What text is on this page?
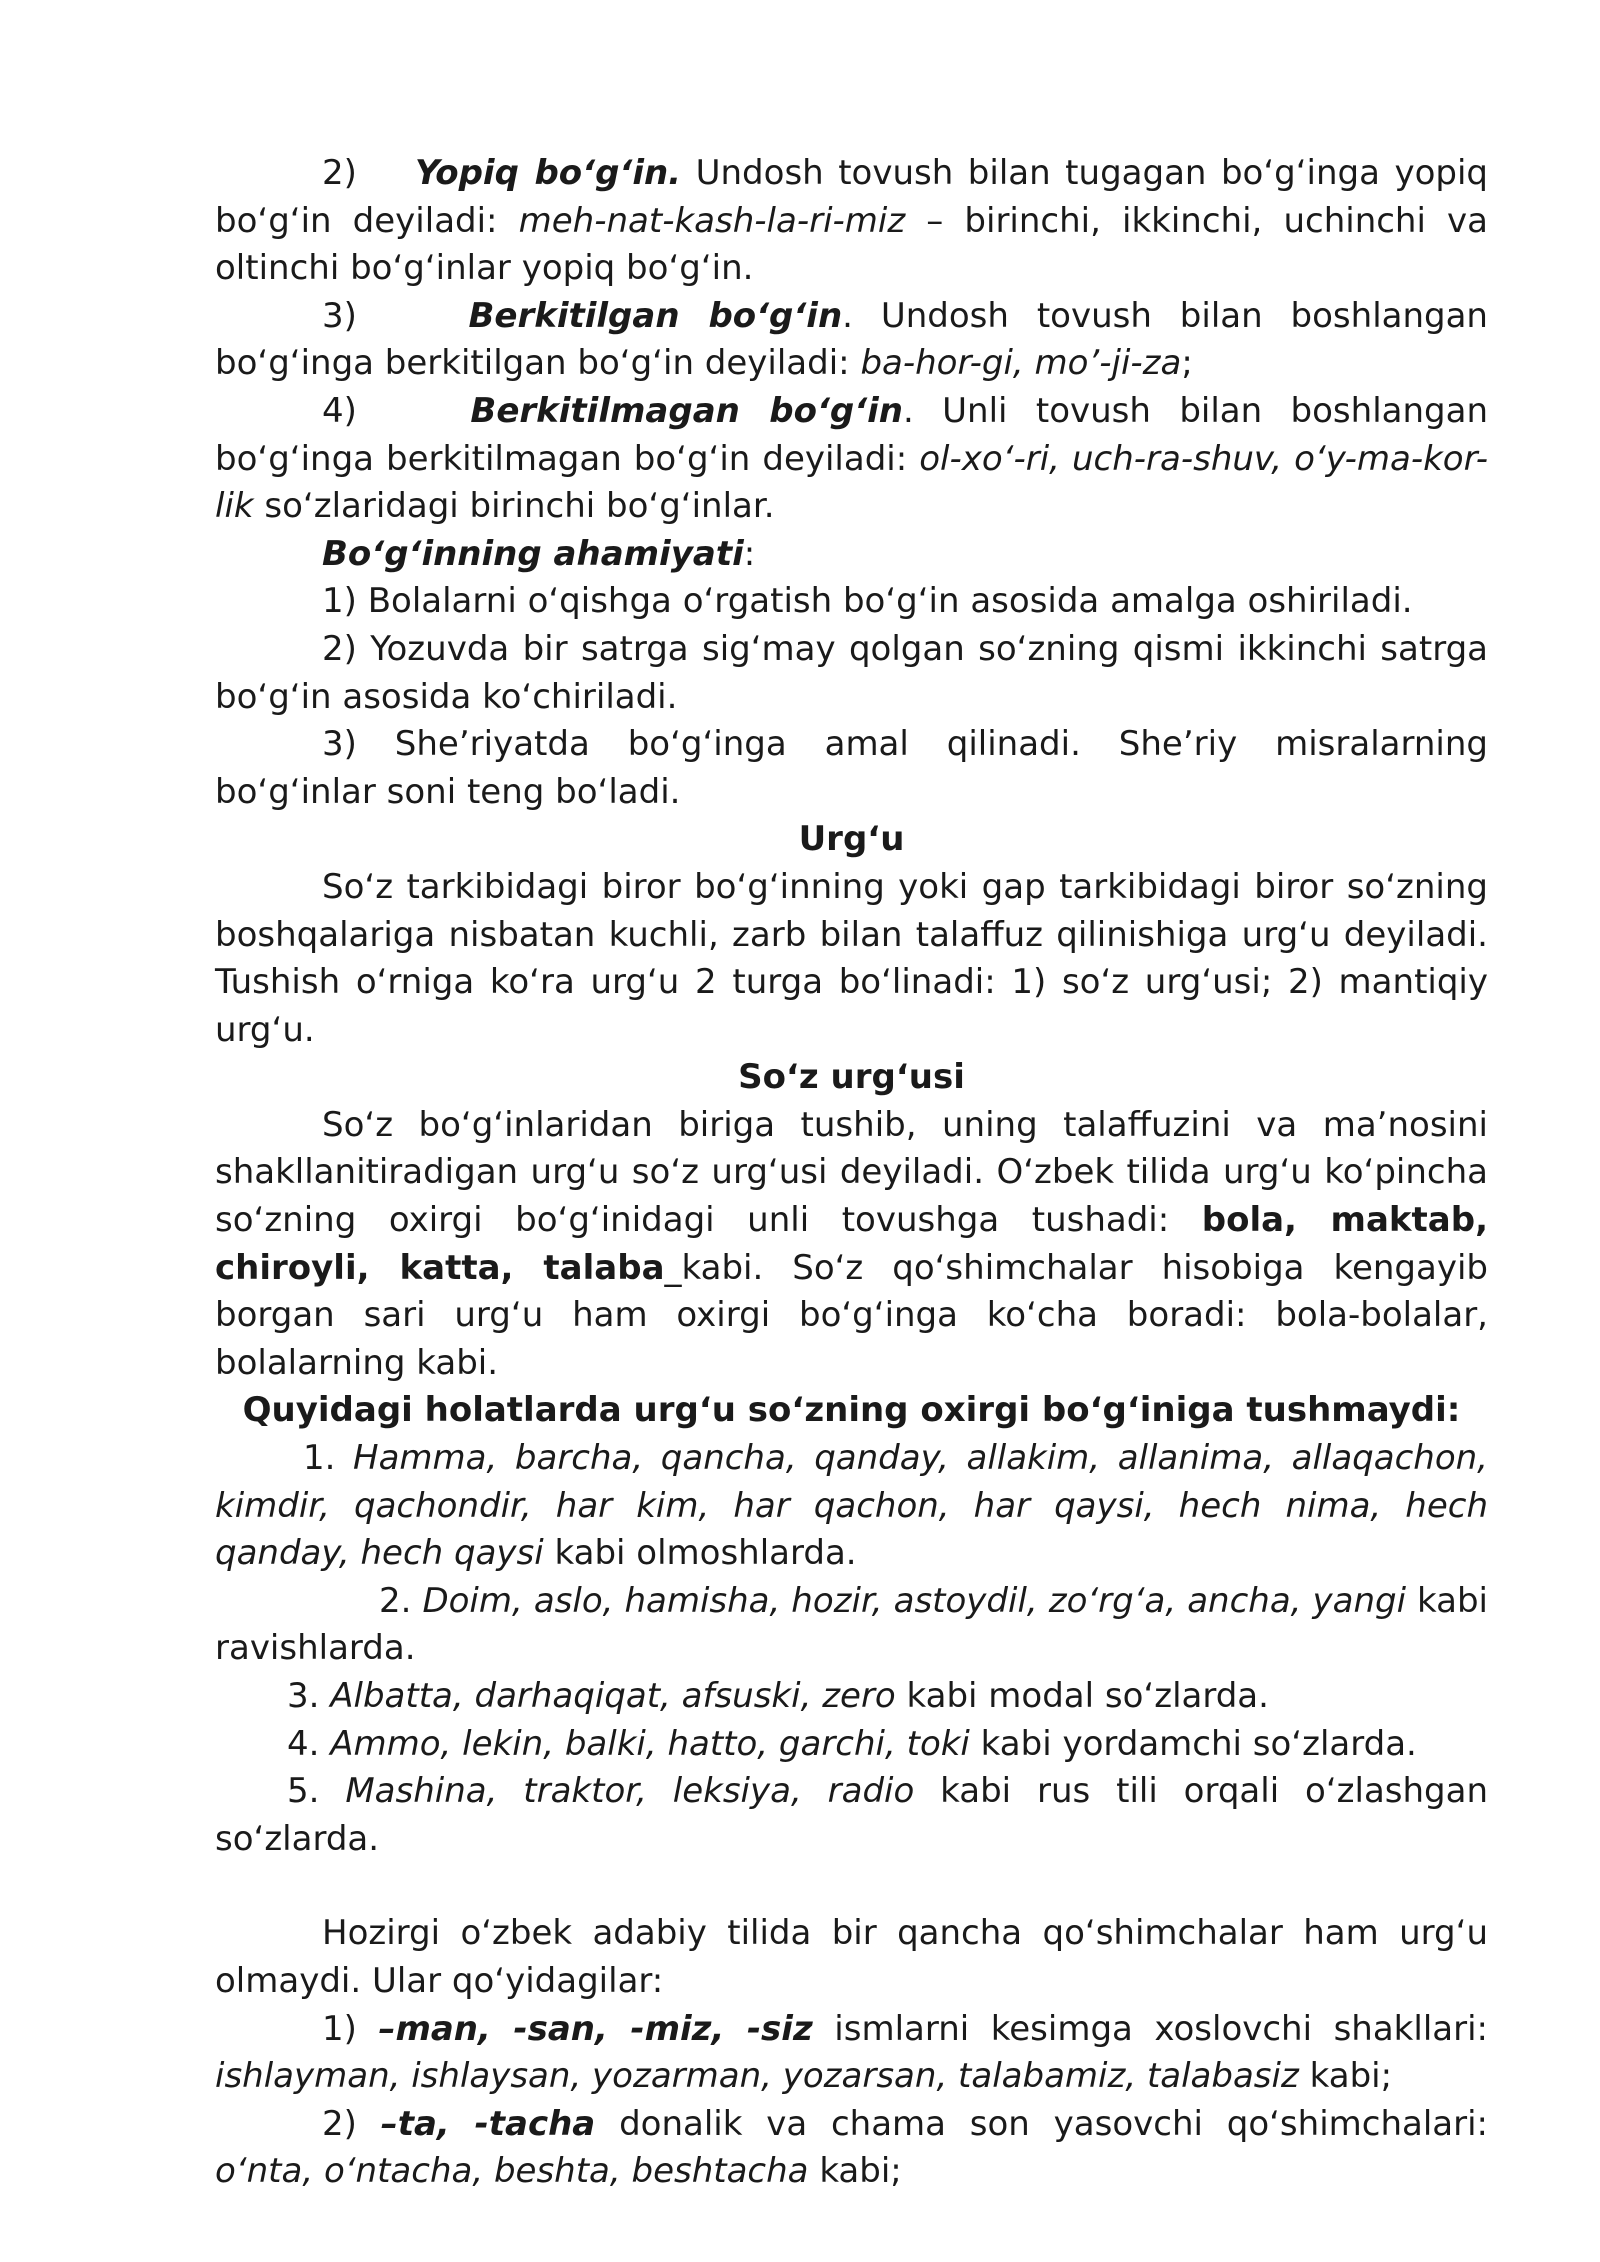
2) Yopiq bo‘g‘in. Undosh tovush bilan tugagan bo‘g‘inga yopiq bo‘g‘in deyiladi: meh-nat-kash-la-ri-miz – birinchi, ikkinchi, uchinchi va oltinchi bo‘g‘inlar yopiq bo‘g‘in.

3)	Berkitilgan bo‘g‘in. Undosh tovush bilan boshlangan bo‘g‘inga berkitilgan bo‘g‘in deyiladi: ba-hor-gi, mo’-ji-za;

4)	Berkitilmagan bo‘g‘in. Unli tovush bilan boshlangan bo‘g‘inga berkitilmagan bo‘g‘in deyiladi: ol-xo‘-ri, uch-ra-shuv, o‘y-ma-kor-lik so‘zlaridagi birinchi bo‘g‘inlar.

Bo‘g‘inning ahamiyati:

1) Bolalarni o‘qishga o‘rgatish bo‘g‘in asosida amalga oshiriladi.

2) Yozuvda bir satrga sig‘may qolgan so‘zning qismi ikkinchi satrga bo‘g‘in asosida ko‘chiriladi.

3) She’riyatda bo‘g‘inga amal qilinadi. She’riy misralarning bo‘g‘inlar soni teng bo‘ladi.

Urg‘u

So‘z tarkibidagi biror bo‘g‘inning yoki gap tarkibidagi biror so‘zning boshqalariga nisbatan kuchli, zarb bilan talaffuz qilinishiga urg‘u deyiladi. Tushish o‘rniga ko‘ra urg‘u 2 turga bo‘linadi: 1) so‘z urg‘usi; 2) mantiqiy urg‘u.

So‘z urg‘usi

So‘z bo‘g‘inlaridan biriga tushib, uning talaffuzini va ma’nosini shakllanitiradigan urg‘u so‘z urg‘usi deyiladi. O‘zbek tilida urg‘u ko‘pincha so‘zning oxirgi bo‘g‘inidagi unli tovushga tushadi: bola, maktab, chiroyli, katta, talaba_kabi. So‘z qo‘shimchalar hisobiga kengayib borgan sari urg‘u ham oxirgi bo‘g‘inga ko‘cha boradi: bola-bolalar, bolalarning kabi.

Quyidagi holatlarda urg‘u so‘zning oxirgi bo‘g‘iniga tushmaydi:

1. Hamma, barcha, qancha, qanday, allakim, allanima, allaqachon, kimdir, qachondir, har kim, har qachon, har qaysi, hech nima, hech qanday, hech qaysi kabi olmoshlarda.

2. Doim, aslo, hamisha, hozir, astoydil, zo‘rg‘a, ancha, yangi kabi ravishlarda.

3. Albatta, darhaqiqat, afsuski, zero kabi modal so‘zlarda.

4. Ammo, lekin, balki, hatto, garchi, toki kabi yordamchi so‘zlarda.

5. Mashina, traktor, leksiya, radio kabi rus tili orqali o‘zlashgan so‘zlarda.

Hozirgi o‘zbek adabiy tilida bir qancha qo‘shimchalar ham urg‘u olmaydi. Ular qo‘yidagilar:

1) –man, -san, -miz, -siz ismlarni kesimga xoslovchi shakllari: ishlayman, ishlaysan, yozarman, yozarsan, talabamiz, talabasiz kabi;

2) –ta, -tacha donalik va chama son yasovchi qo‘shimchalari: o‘nta, o‘ntacha, beshta, beshtacha kabi;
